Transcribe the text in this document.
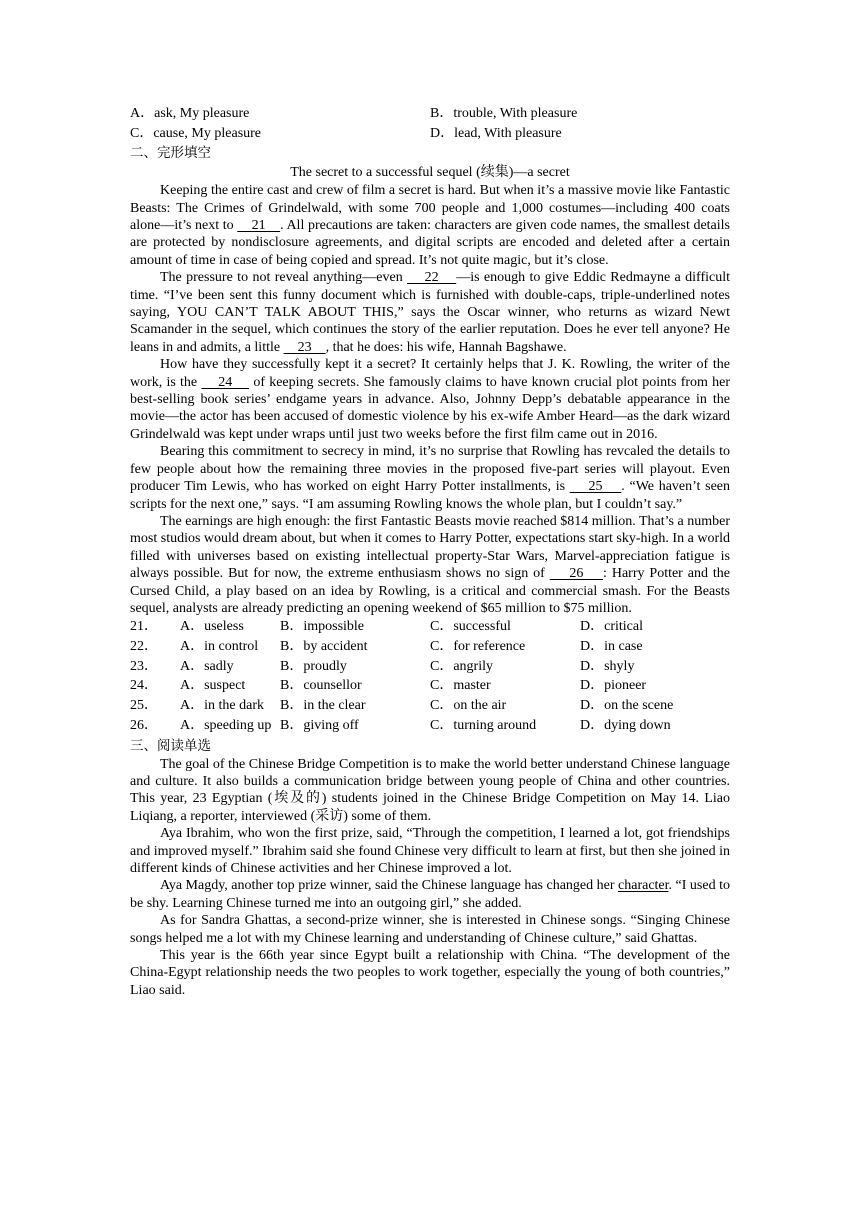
A．ask, My pleasure	B．trouble, With pleasure
C．cause, My pleasure	D．lead, With pleasure
二、完形填空
The secret to a successful sequel (续集)—a secret
Keeping the entire cast and crew of film a secret is hard. But when it’s a massive movie like Fantastic Beasts: The Crimes of Grindelwald, with some 700 people and 1,000 costumes—including 400 coats alone—it’s next to     21    . All precautions are taken: characters are given code names, the smallest details are protected by nondisclosure agreements, and digital scripts are encoded and deleted after a certain amount of time in case of being copied and spread. It’s not quite magic, but it’s close.
The pressure to not reveal anything—even     22    —is enough to give Eddic Redmayne a difficult time. “I’ve been sent this funny document which is furnished with double-caps, triple-underlined notes saying, YOU CAN’T TALK ABOUT THIS,” says the Oscar winner, who returns as wizard Newt Scamander in the sequel, which continues the story of the earlier reputation. Does he ever tell anyone? He leans in and admits, a little     23    , that he does: his wife, Hannah Bagshawe.
How have they successfully kept it a secret? It certainly helps that J. K. Rowling, the writer of the work, is the     24     of keeping secrets. She famously claims to have known crucial plot points from her best-selling book series’ endgame years in advance. Also, Johnny Depp’s debatable appearance in the movie—the actor has been accused of domestic violence by his ex-wife Amber Heard—as the dark wizard Grindelwald was kept under wraps until just two weeks before the first film came out in 2016.
Bearing this commitment to secrecy in mind, it’s no surprise that Rowling has revcaled the details to few people about how the remaining three movies in the proposed five-part series will playout. Even producer Tim Lewis, who has worked on eight Harry Potter installments, is     25    . “We haven’t seen scripts for the next one,” says. “I am assuming Rowling knows the whole plan, but I couldn’t say.”
The earnings are high enough: the first Fantastic Beasts movie reached $814 million. That’s a number most studios would dream about, but when it comes to Harry Potter, expectations start sky-high. In a world filled with universes based on existing intellectual property-Star Wars, Marvel-appreciation fatigue is always possible. But for now, the extreme enthusiasm shows no sign of     26    : Harry Potter and the Cursed Child, a play based on an idea by Rowling, is a critical and commercial smash. For the Beasts sequel, analysts are already predicting an opening weekend of $65 million to $75 million.
21．	A．useless	B．impossible	C．successful	D．critical
22．	A．in control	B．by accident	C．for reference	D．in case
23．	A．sadly	B．proudly	C．angrily	D．shyly
24．	A．suspect	B．counsellor	C．master	D．pioneer
25．	A．in the dark	B．in the clear	C．on the air	D．on the scene
26．	A．speeding up B．giving off	C．turning around	D．dying down
三、阅读单选
The goal of the Chinese Bridge Competition is to make the world better understand Chinese language and culture. It also builds a communication bridge between young people of China and other countries. This year, 23 Egyptian (埃及的) students joined in the Chinese Bridge Competition on May 14. Liao Liqiang, a reporter, interviewed (采访) some of them.
Aya Ibrahim, who won the first prize, said, “Through the competition, I learned a lot, got friendships and improved myself.” Ibrahim said she found Chinese very difficult to learn at first, but then she joined in different kinds of Chinese activities and her Chinese improved a lot.
Aya Magdy, another top prize winner, said the Chinese language has changed her character. “I used to be shy. Learning Chinese turned me into an outgoing girl,” she added.
As for Sandra Ghattas, a second-prize winner, she is interested in Chinese songs. “Singing Chinese songs helped me a lot with my Chinese learning and understanding of Chinese culture,” said Ghattas.
This year is the 66th year since Egypt built a relationship with China. “The development of the China-Egypt relationship needs the two peoples to work together, especially the young of both countries,” Liao said.
